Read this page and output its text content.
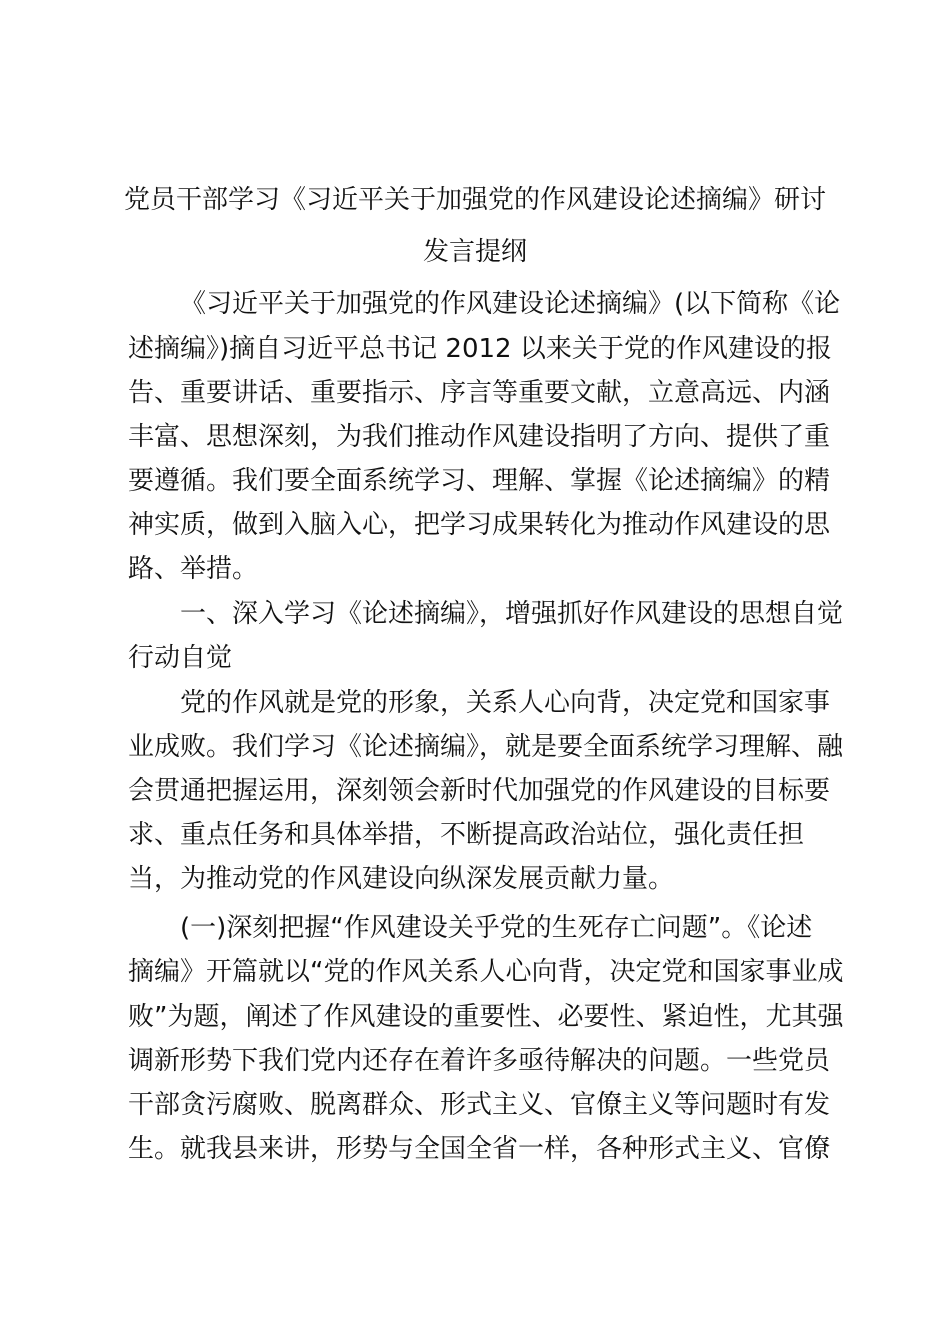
党员干部学习《习近平关于加强党的作风建设论述摘编》研讨
发言提纲
《习近平关于加强党的作风建设论述摘编》(以下简称《论
述摘编》)摘自习近平总书记 2012 以来关于党的作风建设的报
告、重要讲话、重要指示、序言等重要文献，立意高远、内涵
丰富、思想深刻，为我们推动作风建设指明了方向、提供了重
要遵循。我们要全面系统学习、理解、掌握《论述摘编》的精
神实质，做到入脑入心，把学习成果转化为推动作风建设的思
路、举措。
一、深入学习《论述摘编》，增强抓好作风建设的思想自觉
行动自觉
党的作风就是党的形象，关系人心向背，决定党和国家事
业成败。我们学习《论述摘编》，就是要全面系统学习理解、融
会贯通把握运用，深刻领会新时代加强党的作风建设的目标要
求、重点任务和具体举措，不断提高政治站位，强化责任担
当，为推动党的作风建设向纵深发展贡献力量。
(一)深刻把握“作风建设关乎党的生死存亡问题”。《论述
摘编》开篇就以“党的作风关系人心向背，决定党和国家事业成
败”为题，阐述了作风建设的重要性、必要性、紧迫性，尤其强
调新形势下我们党内还存在着许多亟待解决的问题。一些党员
干部贪污腐败、脱离群众、形式主义、官僚主义等问题时有发
生。就我县来讲，形势与全国全省一样，各种形式主义、官僚
